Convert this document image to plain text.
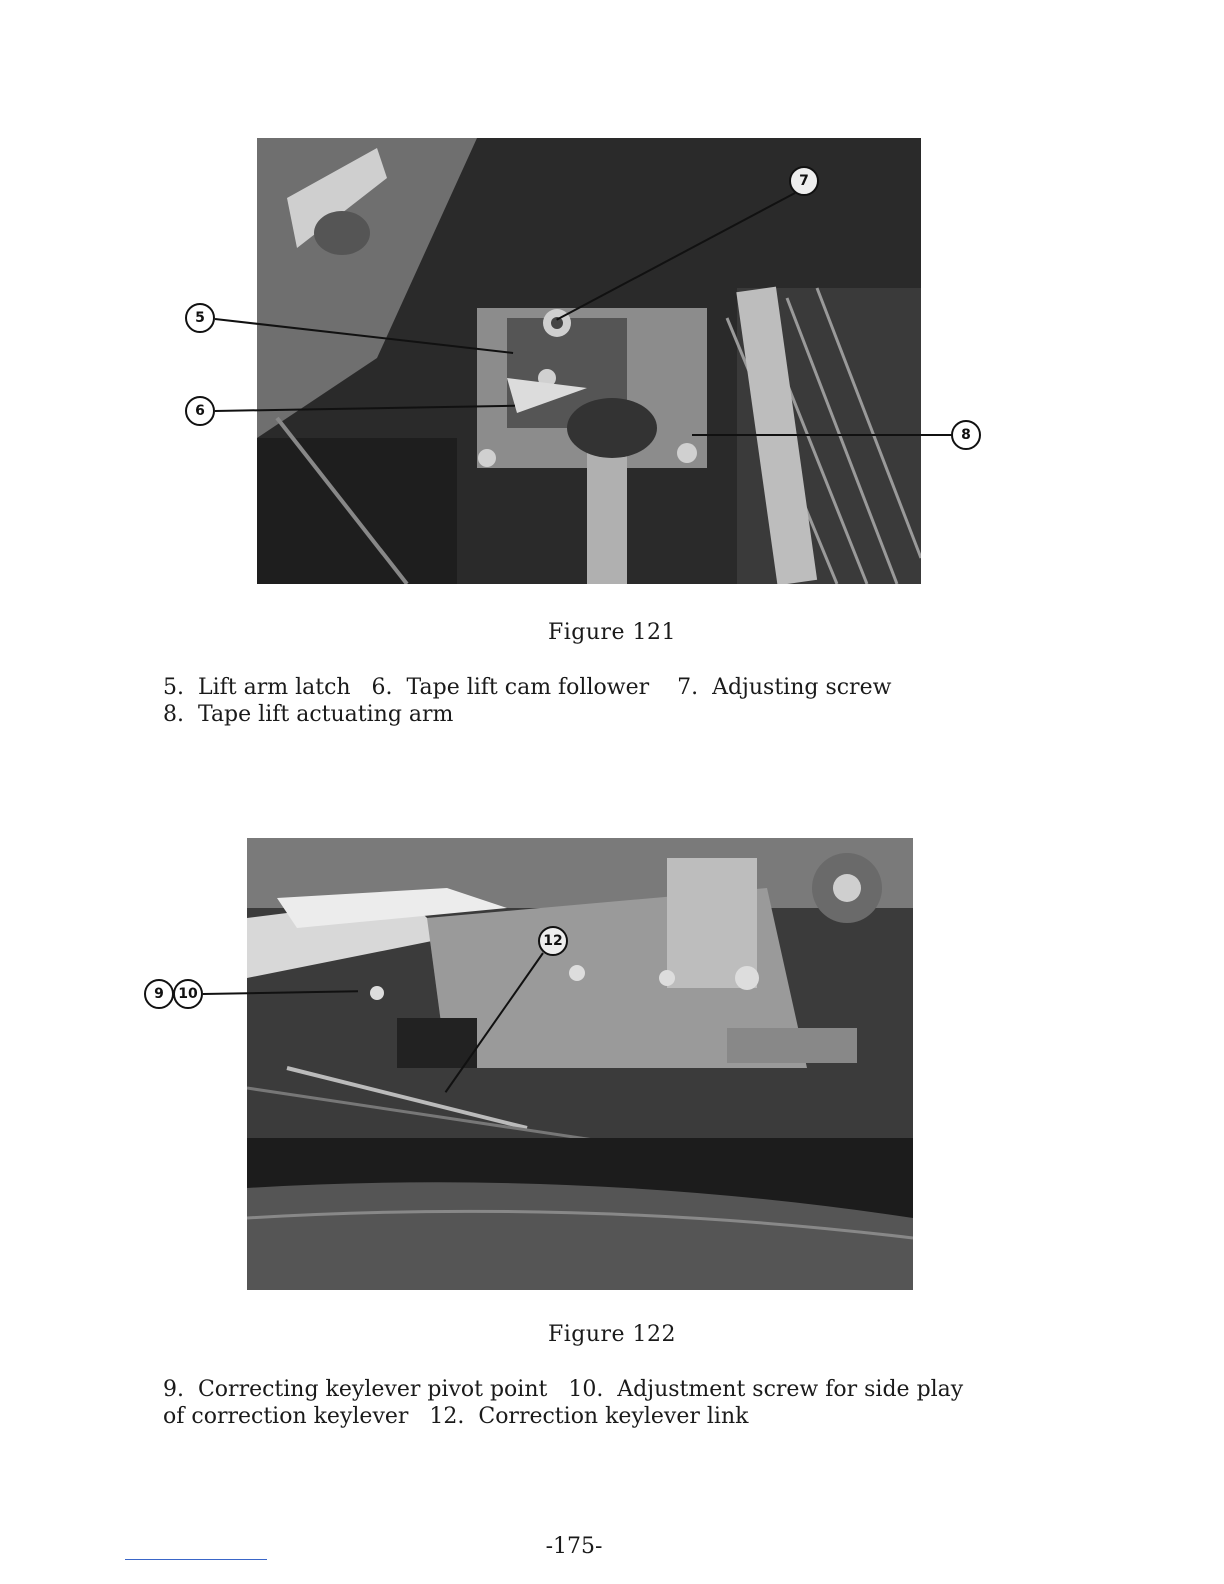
5
6
7
8
Figure 121
5.  Lift arm latch   6.  Tape lift cam follower    7.  Adjusting screw
8.  Tape lift actuating arm
9	10
12
Figure 122
9.  Correcting keylever pivot point   10.  Adjustment screw for side play
of correction keylever   12.  Correction keylever link
-175-
